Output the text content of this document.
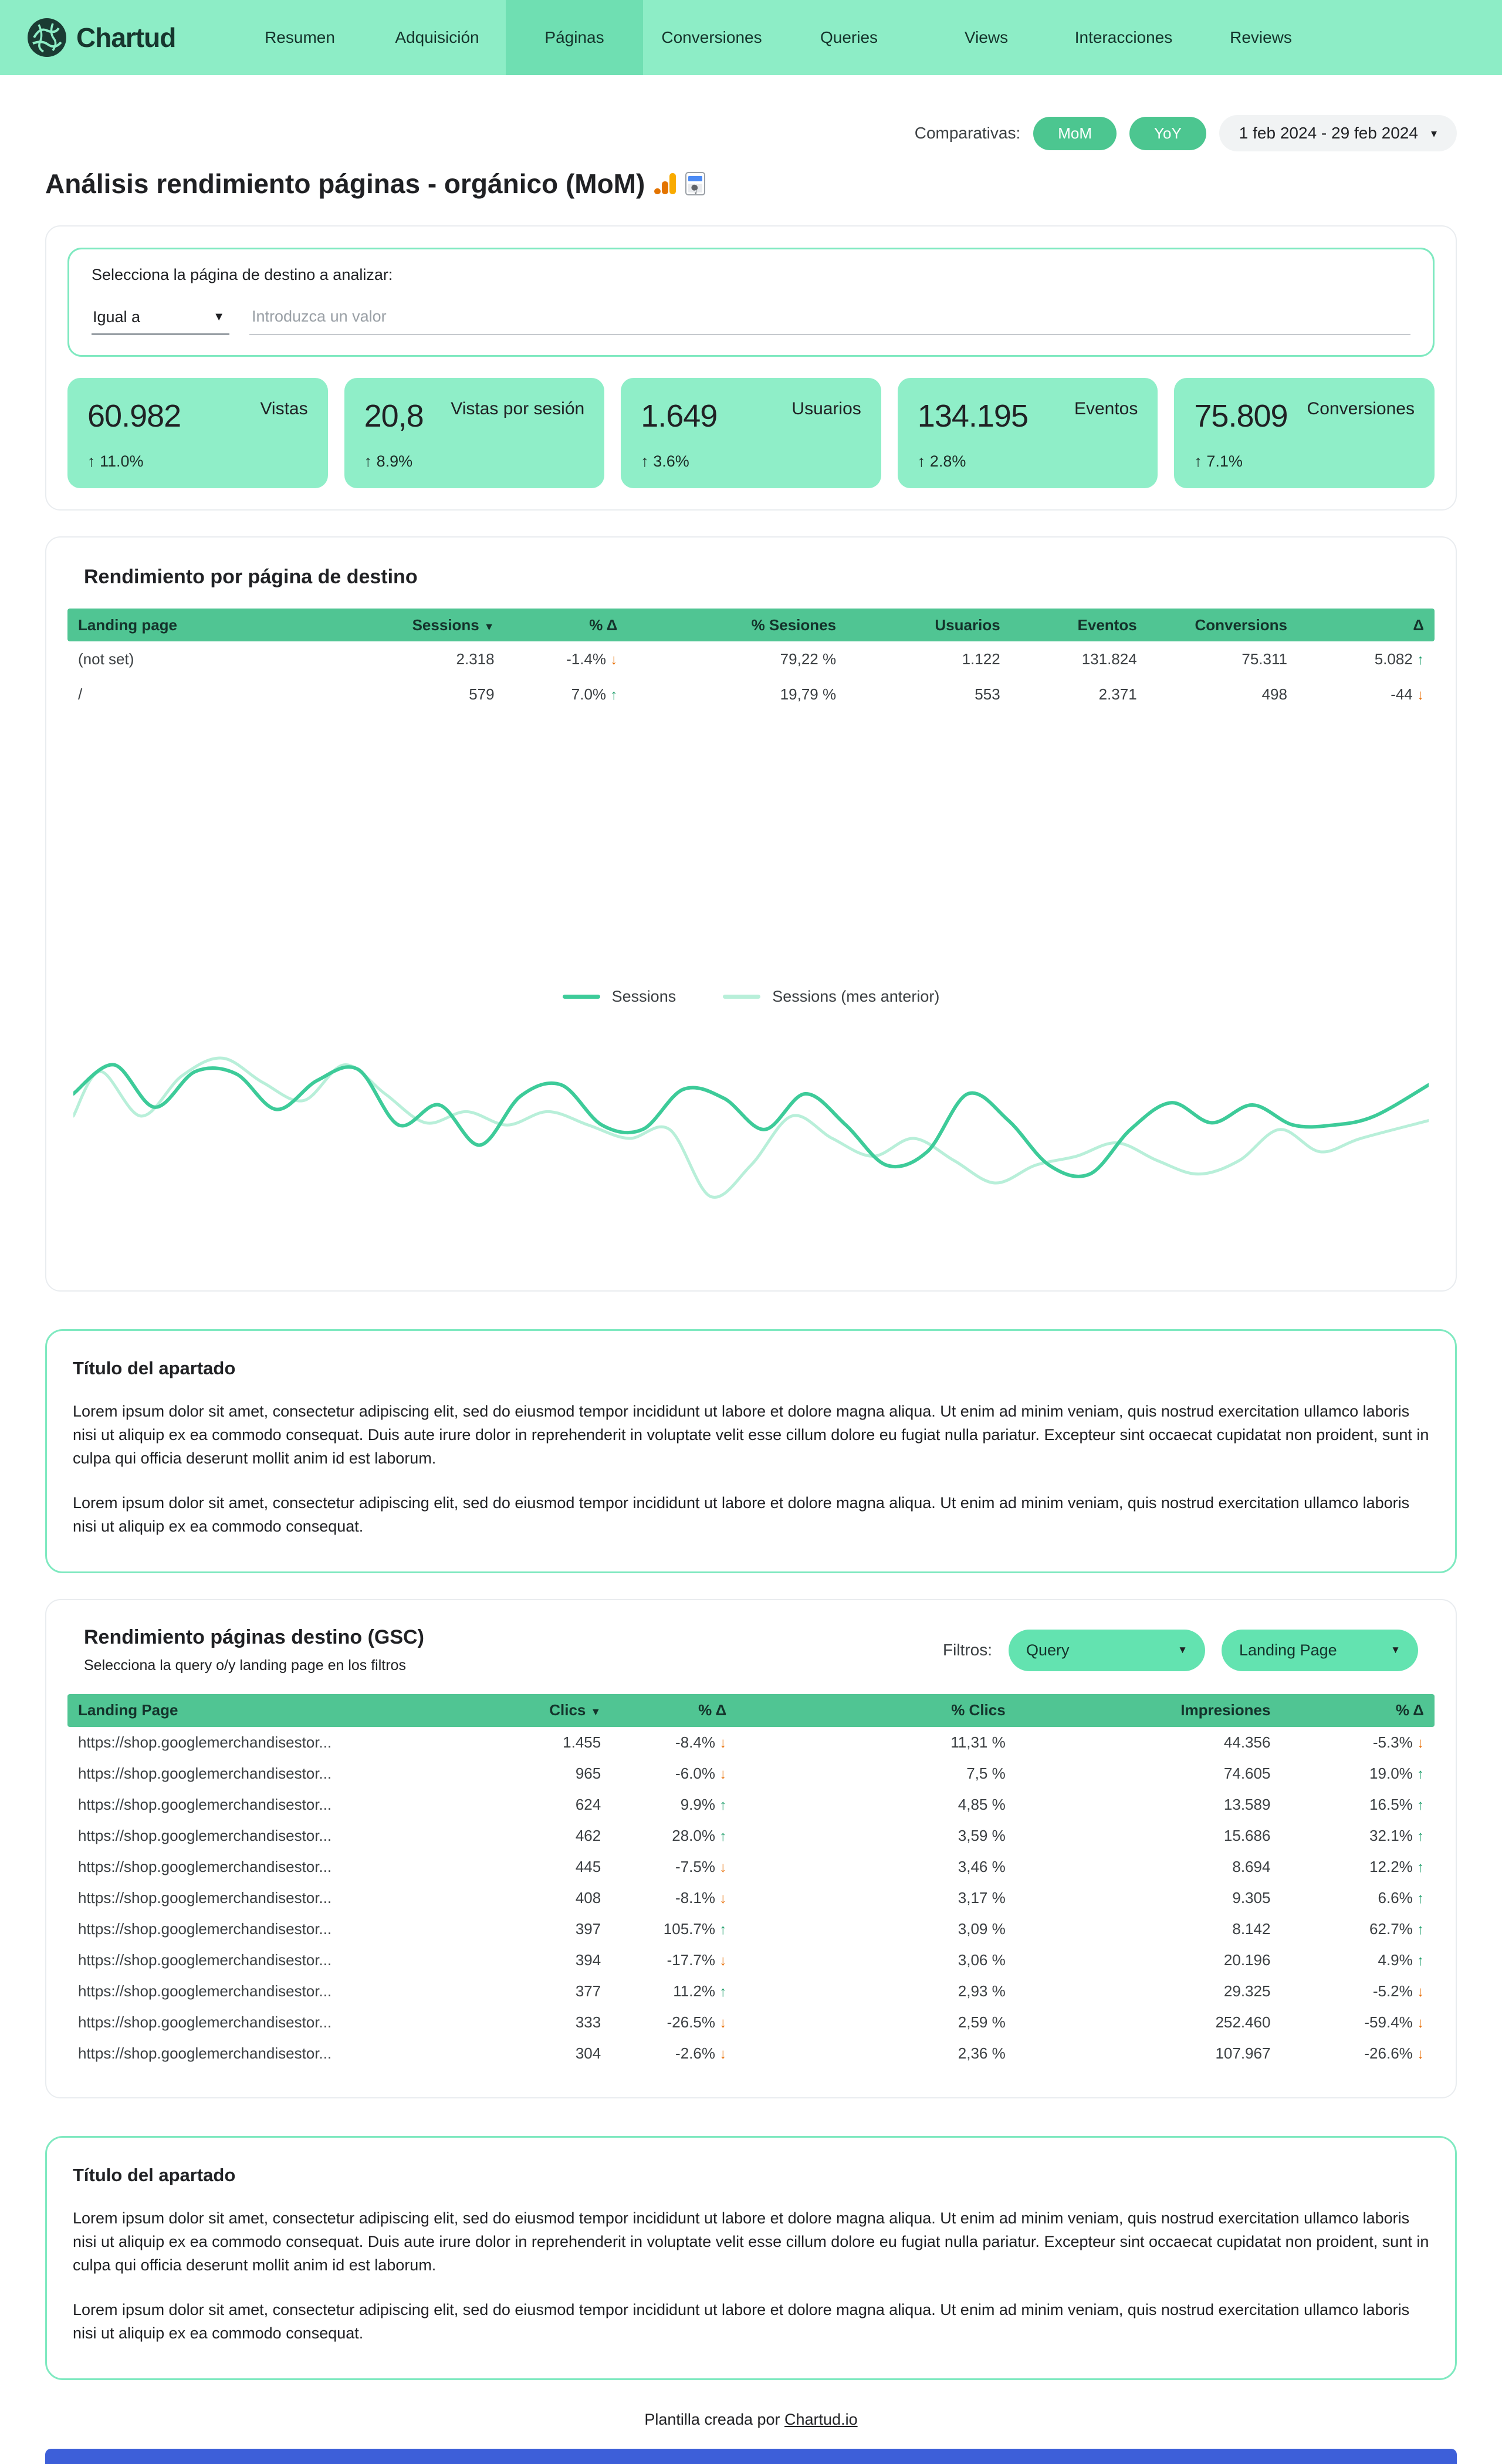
Chartud	Resumen	Adquisición	Páginas	Conversiones	Queries	Views	Interacciones	Reviews
Comparativas:	MoM	YoY	1 feb 2024 - 29 feb 2024 ▾
Análisis rendimiento páginas - orgánico (MoM)
Selecciona la página de destino a analizar:
Igual a	▼
Introduzca un valor
60.982	Vistas
↑ 11.0%
20,8 Vistas por sesión
↑ 8.9%
1.649	Usuarios
↑ 3.6%
134.195	Eventos
↑ 2.8%
75.809 Conversiones
↑ 7.1%
Rendimiento por página de destino
Landing page	Sessions ▼	% Δ	% Sesiones	Usuarios	Eventos	Conversions	Δ
(not set)	2.318	-1.4% ↓	79,22 %	1.122	131.824	75.311	5.082 ↑
/	579	7.0% ↑	19,79 %	553	2.371	498	-44 ↓
Sessions	Sessions (mes anterior)
Título del apartado

Lorem ipsum dolor sit amet, consectetur adipiscing elit, sed do eiusmod tempor incididunt ut labore et dolore magna aliqua. Ut enim ad minim veniam, quis nostrud exercitation ullamco laboris nisi ut aliquip ex ea commodo consequat. Duis aute irure dolor in reprehenderit in voluptate velit esse cillum dolore eu fugiat nulla pariatur. Excepteur sint occaecat cupidatat non proident, sunt in culpa qui officia deserunt mollit anim id est laborum.

Lorem ipsum dolor sit amet, consectetur adipiscing elit, sed do eiusmod tempor incididunt ut labore et dolore magna aliqua. Ut enim ad minim veniam, quis nostrud exercitation ullamco laboris nisi ut aliquip ex ea commodo consequat.

Rendimiento páginas destino (GSC)
Selecciona la query o/y landing page en los filtros
Filtros: Query	▼	Landing Page	▼
Landing Page	Clics ▼	% Δ	% Clics	Impresiones	% Δ
https://shop.googlemerchandisestor...	1.455	-8.4% ↓	11,31 %	44.356	-5.3% ↓
https://shop.googlemerchandisestor...	965	-6.0% ↓	7,5 %	74.605	19.0% ↑
https://shop.googlemerchandisestor...	624	9.9% ↑	4,85 %	13.589	16.5% ↑
https://shop.googlemerchandisestor...	462	28.0% ↑	3,59 %	15.686	32.1% ↑
https://shop.googlemerchandisestor...	445	-7.5% ↓	3,46 %	8.694	12.2% ↑
https://shop.googlemerchandisestor...	408	-8.1% ↓	3,17 %	9.305	6.6% ↑
https://shop.googlemerchandisestor...	397	105.7% ↑	3,09 %	8.142	62.7% ↑
https://shop.googlemerchandisestor...	394	-17.7% ↓	3,06 %	20.196	4.9% ↑
https://shop.googlemerchandisestor...	377	11.2% ↑	2,93 %	29.325	-5.2% ↓
https://shop.googlemerchandisestor...	333	-26.5% ↓	2,59 %	252.460	-59.4% ↓
https://shop.googlemerchandisestor...	304	-2.6% ↓	2,36 %	107.967	-26.6% ↓
Título del apartado

Lorem ipsum dolor sit amet, consectetur adipiscing elit, sed do eiusmod tempor incididunt ut labore et dolore magna aliqua. Ut enim ad minim veniam, quis nostrud exercitation ullamco laboris nisi ut aliquip ex ea commodo consequat. Duis aute irure dolor in reprehenderit in voluptate velit esse cillum dolore eu fugiat nulla pariatur. Excepteur sint occaecat cupidatat non proident, sunt in culpa qui officia deserunt mollit anim id est laborum.

Lorem ipsum dolor sit amet, consectetur adipiscing elit, sed do eiusmod tempor incididunt ut labore et dolore magna aliqua. Ut enim ad minim veniam, quis nostrud exercitation ullamco laboris nisi ut aliquip ex ea commodo consequat.

Plantilla creada por Chartud.io
